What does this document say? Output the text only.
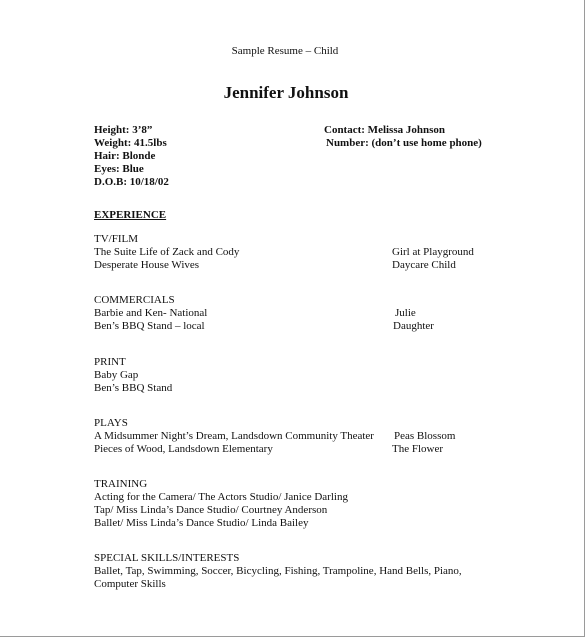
Sample Resume – Child
Jennifer Johnson
Height: 3’8”
Weight: 41.5lbs
Hair: Blonde
Eyes: Blue
D.O.B: 10/18/02
Contact: Melissa Johnson
Number: (don’t use home phone)
EXPERIENCE
TV/FILM
The Suite Life of Zack and Cody
Desperate House Wives
Girl at Playground
Daycare Child
COMMERCIALS
Barbie and Ken- National
Ben’s BBQ Stand – local
Julie
Daughter
PRINT
Baby Gap
Ben’s BBQ Stand
PLAYS
A Midsummer Night’s Dream, Landsdown Community Theater
Pieces of Wood, Landsdown Elementary
Peas Blossom
The Flower
TRAINING
Acting for the Camera/ The Actors Studio/ Janice Darling
Tap/ Miss Linda’s Dance Studio/ Courtney Anderson
Ballet/ Miss Linda’s Dance Studio/ Linda Bailey
SPECIAL SKILLS/INTERESTS
Ballet, Tap, Swimming, Soccer, Bicycling, Fishing, Trampoline, Hand Bells, Piano,
Computer Skills
